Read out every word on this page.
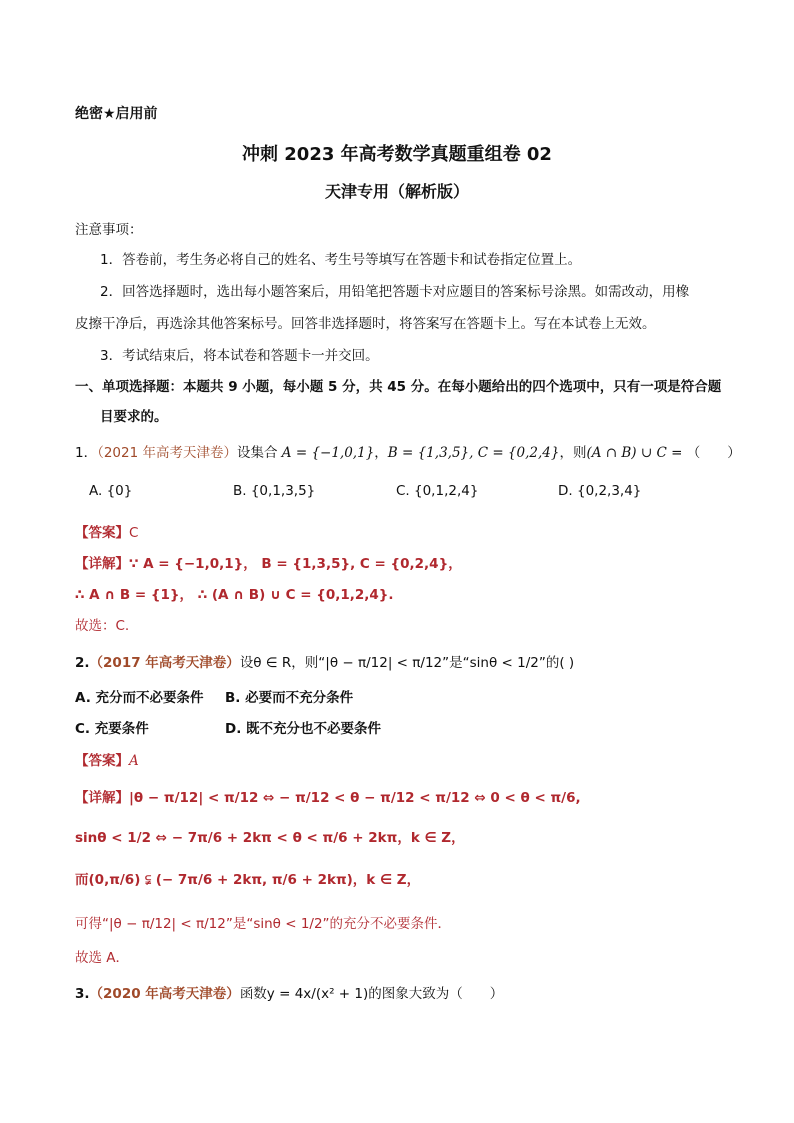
绝密★启用前
冲刺 2023 年高考数学真题重组卷 02
天津专用（解析版）
注意事项：
1．答卷前，考生务必将自己的姓名、考生号等填写在答题卡和试卷指定位置上。
2．回答选择题时，选出每小题答案后，用铅笔把答题卡对应题目的答案标号涂黑。如需改动，用橡
皮擦干净后，再选涂其他答案标号。回答非选择题时，将答案写在答题卡上。写在本试卷上无效。
3．考试结束后，将本试卷和答题卡一并交回。
一、单项选择题：本题共 9 小题，每小题 5 分，共 45 分。在每小题给出的四个选项中，只有一项是符合题
目要求的。
1．（2021 年高考天津卷）设集合 A = {−1,0,1}，B = {1,3,5}, C = {0,2,4}，则(A ∩ B) ∪ C = （　　）
A. {0}	B. {0,1,3,5}	C. {0,1,2,4}	D. {0,2,3,4}
【答案】C
【详解】∵ A = {−1,0,1}， B = {1,3,5}, C = {0,2,4}，
∴ A ∩ B = {1}， ∴ (A ∩ B) ∪ C = {0,1,2,4}.
故选：C.
2.（2017 年高考天津卷）设θ ∈ R，则“|θ − π/12| < π/12”是“sinθ < 1/2”的( )
A. 充分而不必要条件 B. 必要而不充分条件
C. 充要条件	D. 既不充分也不必要条件
【答案】A
【详解】|θ − π/12| < π/12 ⇔ − π/12 < θ − π/12 < π/12 ⇔ 0 < θ < π/6,
sinθ < 1/2 ⇔ − 7π/6 + 2kπ < θ < π/6 + 2kπ，k ∈ Z，
而(0,π/6) ⫋ (− 7π/6 + 2kπ, π/6 + 2kπ)，k ∈ Z，
可得“|θ − π/12| < π/12”是“sinθ < 1/2”的充分不必要条件．
故选 A．
3.（2020 年高考天津卷）函数y = 4x/(x² + 1)的图象大致为（　　）
